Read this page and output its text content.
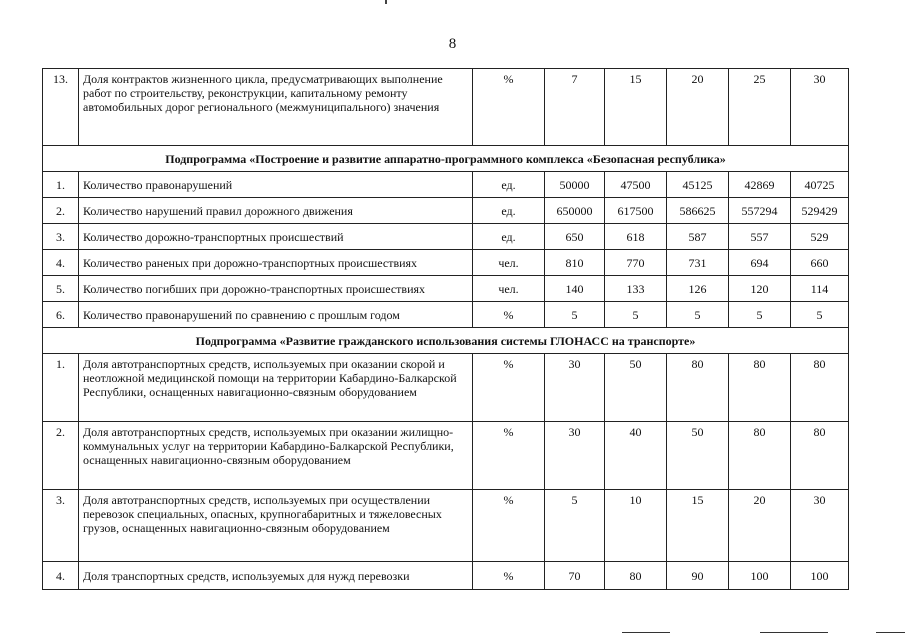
8
13.	Доля контрактов жизненного цикла, предусматривающих выполнение работ по строительству, реконструкции, капитальному ремонту автомобильных дорог регионального (межмуниципального) значения	%	7	15	20	25	30
Подпрограмма «Построение и развитие аппаратно-программного комплекса «Безопасная республика»							
1.	Количество правонарушений	ед.	50000	47500	45125	42869	40725
2.	Количество нарушений правил дорожного движения	ед.	650000	617500	586625	557294	529429
3.	Количество дорожно-транспортных происшествий	ед.	650	618	587	557	529
4.	Количество раненых при дорожно-транспортных происшествиях	чел.	810	770	731	694	660
5.	Количество погибших при дорожно-транспортных происшествиях	чел.	140	133	126	120	114
6.	Количество правонарушений по сравнению с прошлым годом	%	5	5	5	5	5
Подпрограмма «Развитие гражданского использования системы ГЛОНАСС на транспорте»							
1.	Доля автотранспортных средств, используемых при оказании скорой и неотложной медицинской помощи на территории Кабардино-Балкарской Республики, оснащенных навигационно-связным оборудованием	%	30	50	80	80	80
2.	Доля автотранспортных средств, используемых при оказании жилищно-коммунальных услуг на территории Кабардино-Балкарской Республики, оснащенных навигационно-связным оборудованием	%	30	40	50	80	80
3.	Доля автотранспортных средств, используемых при осуществлении перевозок специальных, опасных, крупногабаритных и тяжеловесных грузов, оснащенных навигационно-связным оборудованием	%	5	10	15	20	30
4.	Доля транспортных средств, используемых для нужд перевозки	%	70	80	90	100	100
